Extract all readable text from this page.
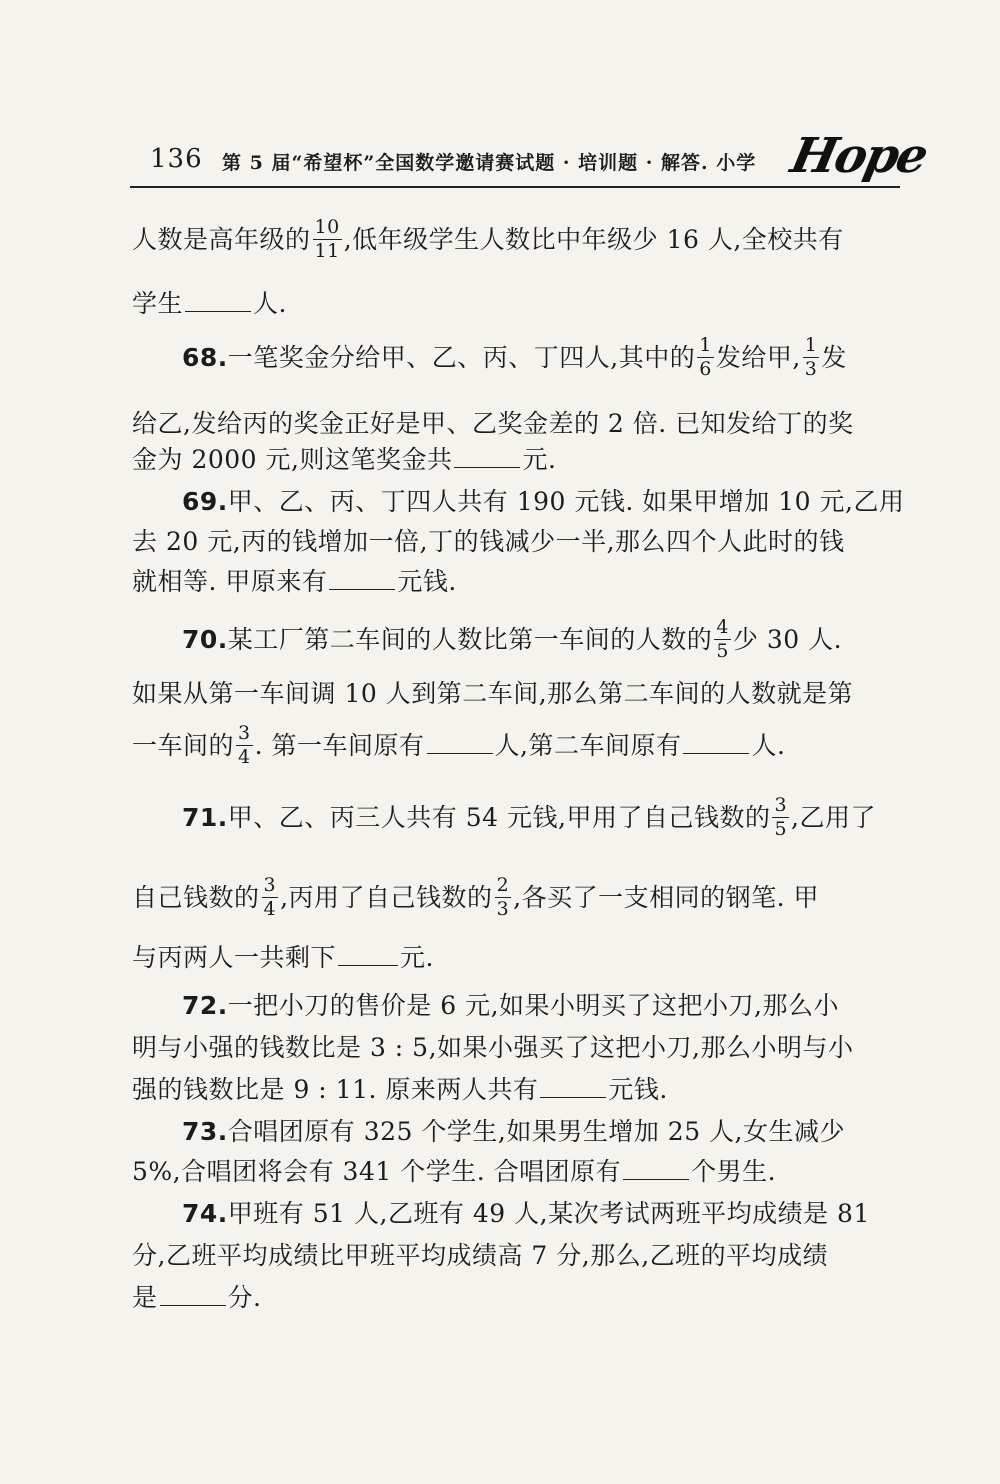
136 第 5 届“希望杯”全国数学邀请赛试题 · 培训题 · 解答. 小学 Hope
人数是高年级的 $\frac{10}{11}$ ,低年级学生人数比中年级少 16 人,全校共有
学生	人.
68.一笔奖金分给甲、乙、丙、丁四人,其中的 $\frac{1}{6}$ 发给甲, $\frac{1}{3}$ 发
给乙,发给丙的奖金正好是甲、乙奖金差的 2 倍. 已知发给丁的奖
金为 2000 元,则这笔奖金共	元.
69.甲、乙、丙、丁四人共有 190 元钱. 如果甲增加 10 元,乙用
去 20 元,丙的钱增加一倍,丁的钱减少一半,那么四个人此时的钱
就相等. 甲原来有	元钱.
70.某工厂第二车间的人数比第一车间的人数的 $\frac{4}{5}$ 少 30 人.
如果从第一车间调 10 人到第二车间,那么第二车间的人数就是第
一车间的 $\frac{3}{4}$ . 第一车间原有	人,第二车间原有	人.
71.甲、乙、丙三人共有 54 元钱,甲用了自己钱数的 $\frac{3}{5}$ ,乙用了
自己钱数的 $\frac{3}{4}$ ,丙用了自己钱数的 $\frac{2}{3}$ ,各买了一支相同的钢笔. 甲
与丙两人一共剩下	元.
72.一把小刀的售价是 6 元,如果小明买了这把小刀,那么小
明与小强的钱数比是 3 : 5,如果小强买了这把小刀,那么小明与小
强的钱数比是 9 : 11. 原来两人共有	元钱.
73.合唱团原有 325 个学生,如果男生增加 25 人,女生减少
5%,合唱团将会有 341 个学生. 合唱团原有	个男生.
74.甲班有 51 人,乙班有 49 人,某次考试两班平均成绩是 81
分,乙班平均成绩比甲班平均成绩高 7 分,那么,乙班的平均成绩
是	分.
